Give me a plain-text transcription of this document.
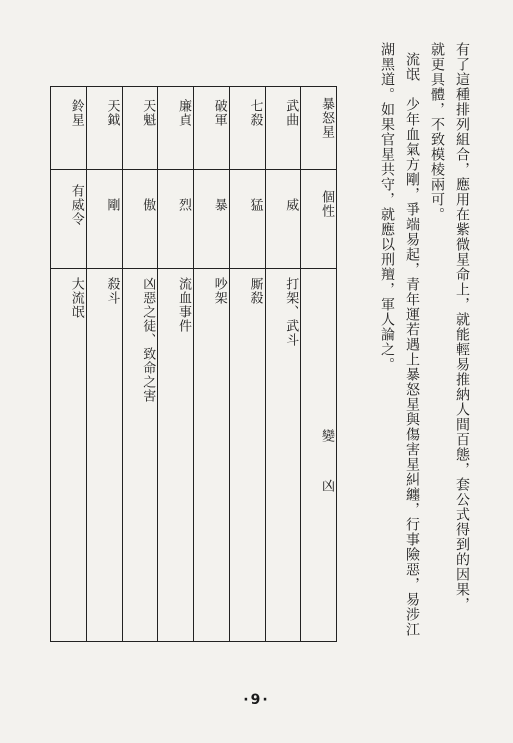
有了這種排列組合，應用在紫微星命上，就能輕易推納人間百態，套公式得到的因果，
就更具體，不致模棱兩可。
流氓　少年血氣方剛，爭端易起，青年運若遇上暴怒星與傷害星糾纏，行事險惡，易涉江
湖黑道。如果官星共守，就應以刑羶，軍人論之。
鈴星	天鉞	天魁	廉貞	破軍	七殺	武曲	暴怒星
有威令	剛	傲	烈	暴	猛	威	個性
大流氓	殺斗	凶惡之徒、致命之害	流血事件	吵架	厮殺	打架、武斗	變　凶
·9·
